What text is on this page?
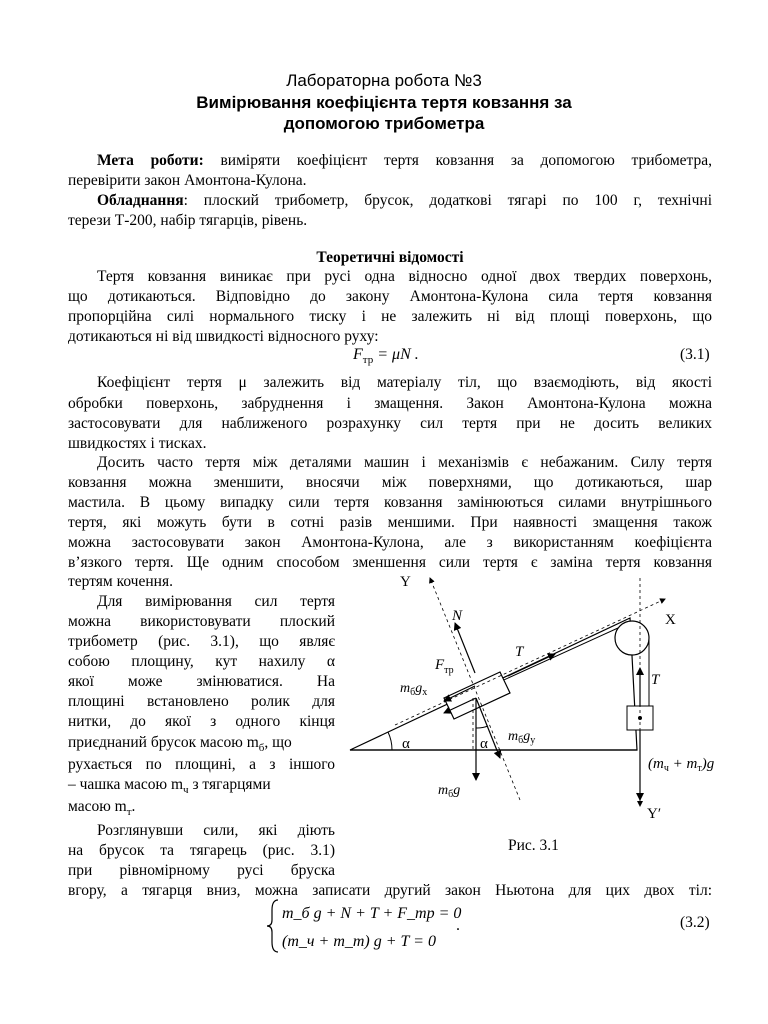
Лабораторна робота №3
Вимірювання коефіцієнта тертя ковзання за
допомогою трибометра
Мета роботи: виміряти коефіцієнт тертя ковзання за допомогою трибометра,
перевірити закон Амонтона-Кулона.
Обладнання: плоский трибометр, брусок, додаткові тягарі по 100 г, технічні
терези Т-200, набір тягарців, рівень.
Теоретичні відомості
Тертя ковзання виникає при русі одна відносно одної двох твердих поверхонь,
що дотикаються. Відповідно до закону Амонтона-Кулона сила тертя ковзання
пропорційна силі нормального тиску і не залежить ні від площі поверхонь, що
дотикаються ні від швидкості відносного руху:
$F_{тр} = \mu N$ .	(3.1)
Коефіцієнт тертя μ залежить від матеріалу тіл, що взаємодіють, від якості
обробки поверхонь, забруднення і змащення. Закон Амонтона-Кулона можна
застосовувати для наближеного розрахунку сил тертя при не досить великих
швидкостях і тисках.
Досить часто тертя між деталями машин і механізмів є небажаним. Силу тертя
ковзання можна зменшити, вносячи між поверхнями, що дотикаються, шар
мастила. В цьому випадку сили тертя ковзання замінюються силами внутрішнього
тертя, які можуть бути в сотні разів меншими. При наявності змащення також
можна застосовувати закон Амонтона-Кулона, але з використанням коефіцієнта
в’язкого тертя. Ще одним способом зменшення сили тертя є заміна тертя ковзання
тертям кочення.
Для вимірювання сил тертя
можна використовувати плоский
трибометр (рис. 3.1), що являє
собою площину, кут нахилу α
якої може змінюватися. На
площині встановлено ролик для
нитки, до якої з одного кінця
приєднаний брусок масою $m_б$, що
рухається по площині, а з іншого
– чашка масою $m_ч$ з тягарцями
масою $m_т$.
Розглянувши сили, які діють
на брусок та тягарець (рис. 3.1)
при рівномірному русі бруска
вгору, а тягарця вниз, можна записати другий закон Ньютона для цих двох тіл:
Рис. 3.1
Y
X
Y′
N
T
T
$F_{тр}$
$m_бg_x$
$m_бg_y$
$m_бg$
α	α
$(m_ч + m_т)g$
m_б g + N + T + F_тр = 0
(m_ч + m_т) g + T = 0
.	(3.2)
